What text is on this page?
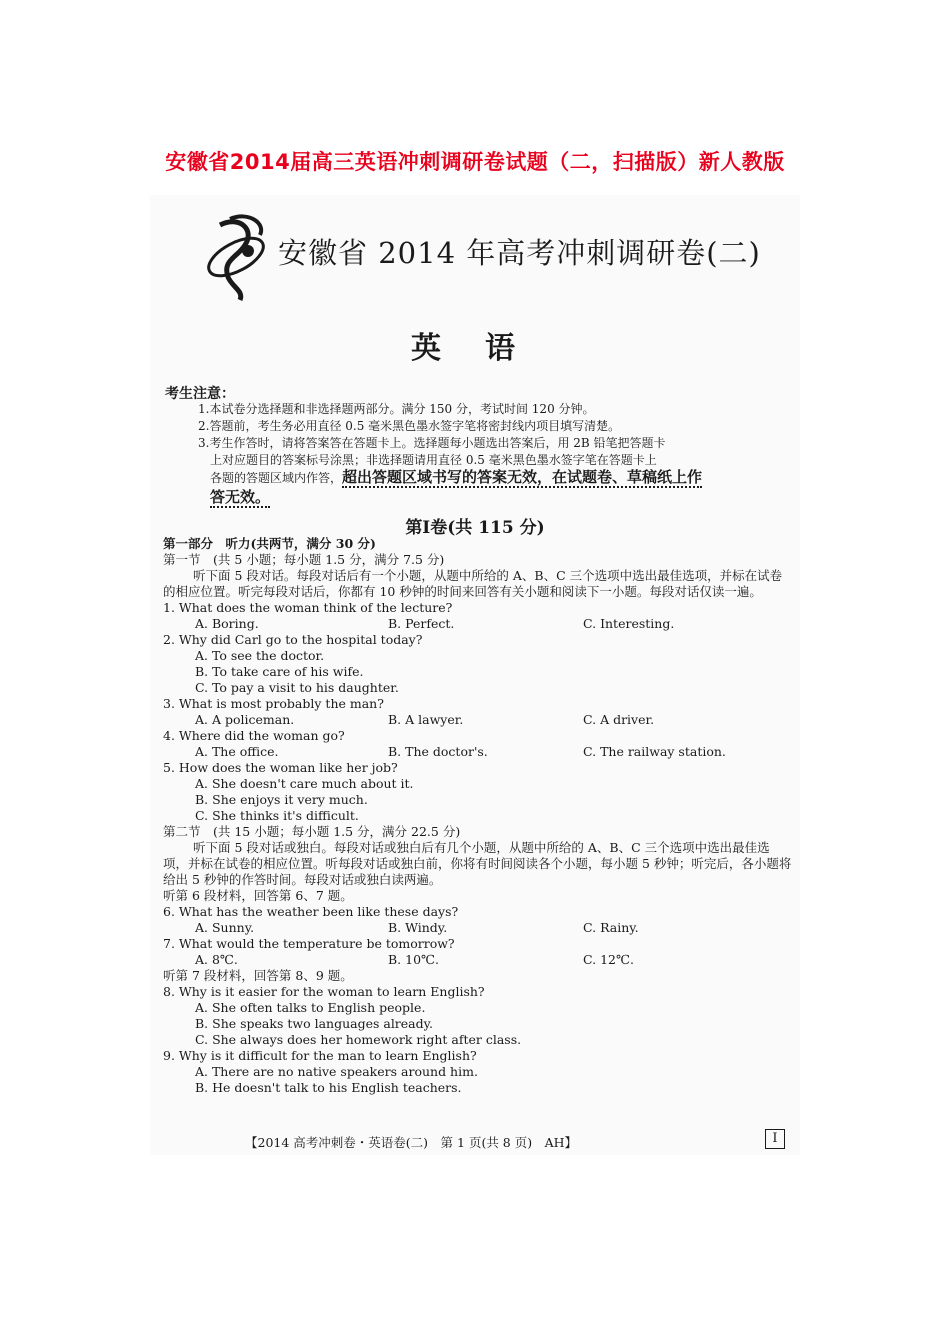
安徽省2014届高三英语冲刺调研卷试题（二，扫描版）新人教版
安徽省 2014 年高考冲刺调研卷(二)
英语
考生注意：
1.本试卷分选择题和非选择题两部分。满分 150 分，考试时间 120 分钟。
2.答题前，考生务必用直径 0.5 毫米黑色墨水签字笔将密封线内项目填写清楚。
3.考生作答时，请将答案答在答题卡上。选择题每小题选出答案后，用 2B 铅笔把答题卡
上对应题目的答案标号涂黑；非选择题请用直径 0.5 毫米黑色墨水签字笔在答题卡上
各题的答题区域内作答，超出答题区域书写的答案无效，在试题卷、草稿纸上作
答无效。
第Ⅰ卷(共 115 分)
第一部分　听力(共两节，满分 30 分)
第一节　(共 5 小题；每小题 1.5 分，满分 7.5 分)
听下面 5 段对话。每段对话后有一个小题，从题中所给的 A、B、C 三个选项中选出最佳选项，并标在试卷的相应位置。听完每段对话后，你都有 10 秒钟的时间来回答有关小题和阅读下一小题。每段对话仅读一遍。
1. What does the woman think of the lecture?
A. Boring.	B. Perfect.	C. Interesting.
2. Why did Carl go to the hospital today?
A. To see the doctor.
B. To take care of his wife.
C. To pay a visit to his daughter.
3. What is most probably the man?
A. A policeman.	B. A lawyer.	C. A driver.
4. Where did the woman go?
A. The office.	B. The doctor's.	C. The railway station.
5. How does the woman like her job?
A. She doesn't care much about it.
B. She enjoys it very much.
C. She thinks it's difficult.
第二节　(共 15 小题；每小题 1.5 分，满分 22.5 分)
听下面 5 段对话或独白。每段对话或独白后有几个小题，从题中所给的 A、B、C 三个选项中选出最佳选项，并标在试卷的相应位置。听每段对话或独白前，你将有时间阅读各个小题，每小题 5 秒钟；听完后，各小题将给出 5 秒钟的作答时间。每段对话或独白读两遍。
听第 6 段材料，回答第 6、7 题。
6. What has the weather been like these days?
A. Sunny.	B. Windy.	C. Rainy.
7. What would the temperature be tomorrow?
A. 8℃.	B. 10℃.	C. 12℃.
听第 7 段材料，回答第 8、9 题。
8. Why is it easier for the woman to learn English?
A. She often talks to English people.
B. She speaks two languages already.
C. She always does her homework right after class.
9. Why is it difficult for the man to learn English?
A. There are no native speakers around him.
B. He doesn't talk to his English teachers.
【2014 高考冲刺卷・英语卷(二)　第 1 页(共 8 页)　AH】	I
